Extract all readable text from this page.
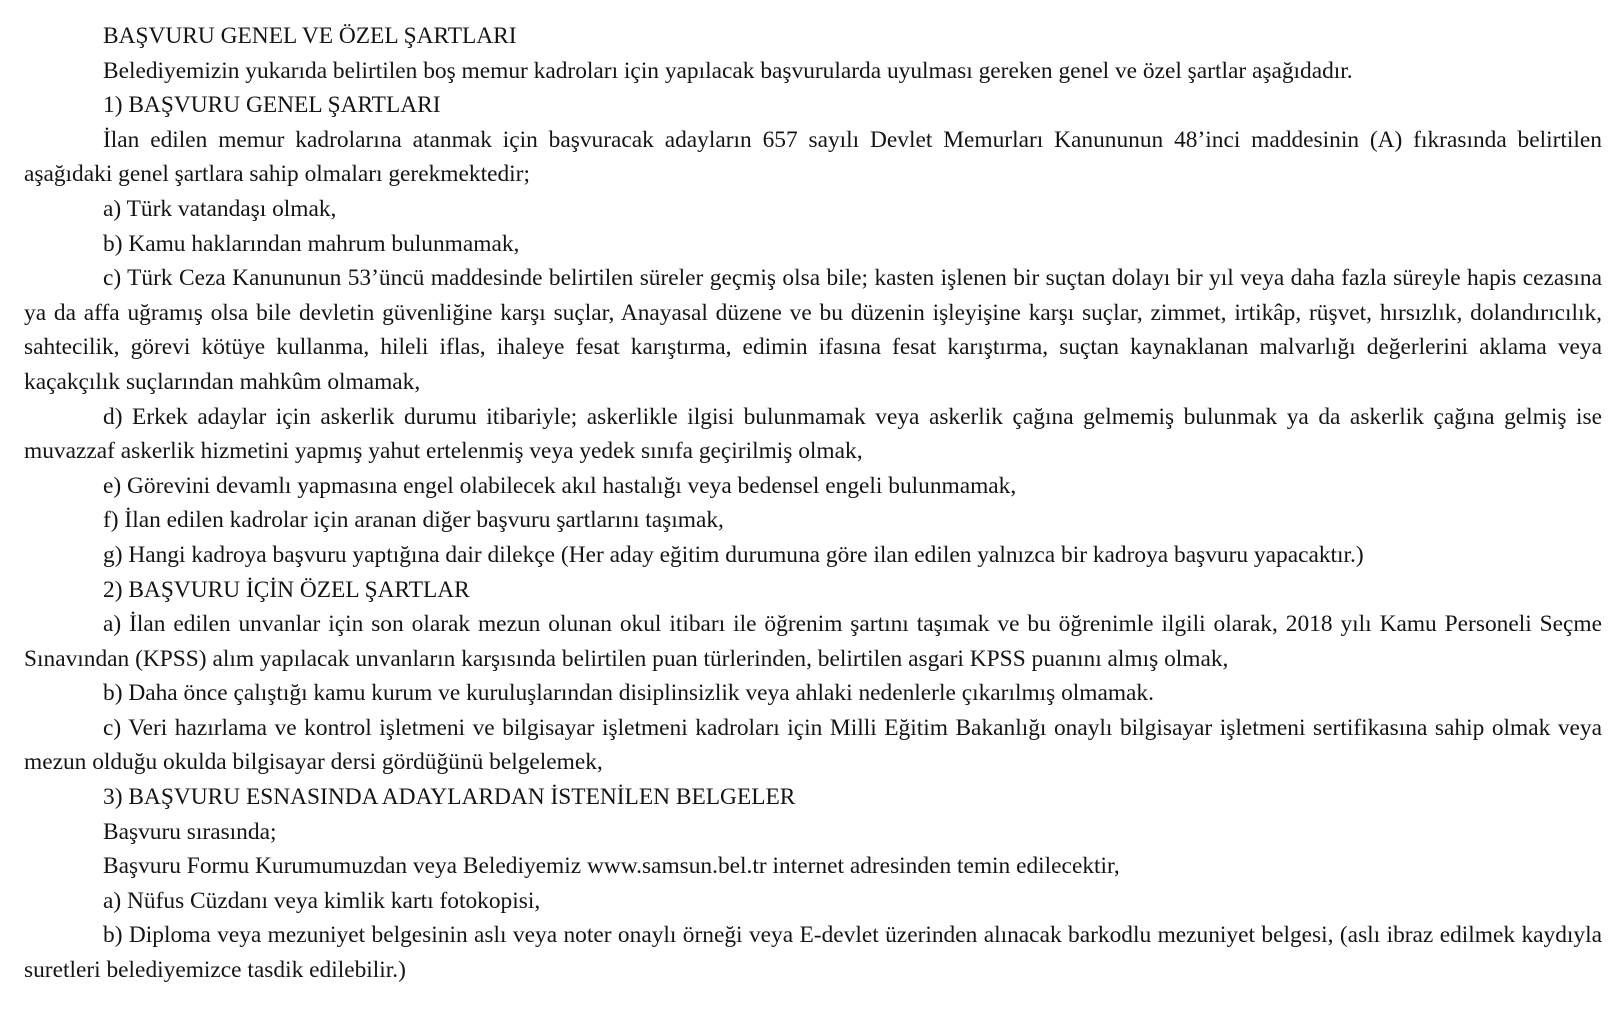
BAŞVURU GENEL VE ÖZEL ŞARTLARI

Belediyemizin yukarıda belirtilen boş memur kadroları için yapılacak başvurularda uyulması gereken genel ve özel şartlar aşağıdadır.

1) BAŞVURU GENEL ŞARTLARI

İlan edilen memur kadrolarına atanmak için başvuracak adayların 657 sayılı Devlet Memurları Kanununun 48’inci maddesinin (A) fıkrasında belirtilen aşağıdaki genel şartlara sahip olmaları gerekmektedir;

a) Türk vatandaşı olmak,

b) Kamu haklarından mahrum bulunmamak,

c) Türk Ceza Kanununun 53’üncü maddesinde belirtilen süreler geçmiş olsa bile; kasten işlenen bir suçtan dolayı bir yıl veya daha fazla süreyle hapis cezasına ya da affa uğramış olsa bile devletin güvenliğine karşı suçlar, Anayasal düzene ve bu düzenin işleyişine karşı suçlar, zimmet, irtikâp, rüşvet, hırsızlık, dolandırıcılık, sahtecilik, görevi kötüye kullanma, hileli iflas, ihaleye fesat karıştırma, edimin ifasına fesat karıştırma, suçtan kaynaklanan malvarlığı değerlerini aklama veya kaçakçılık suçlarından mahkûm olmamak,

d) Erkek adaylar için askerlik durumu itibariyle; askerlikle ilgisi bulunmamak veya askerlik çağına gelmemiş bulunmak ya da askerlik çağına gelmiş ise muvazzaf askerlik hizmetini yapmış yahut ertelenmiş veya yedek sınıfa geçirilmiş olmak,

e) Görevini devamlı yapmasına engel olabilecek akıl hastalığı veya bedensel engeli bulunmamak,

f) İlan edilen kadrolar için aranan diğer başvuru şartlarını taşımak,

g) Hangi kadroya başvuru yaptığına dair dilekçe (Her aday eğitim durumuna göre ilan edilen yalnızca bir kadroya başvuru yapacaktır.)

2) BAŞVURU İÇİN ÖZEL ŞARTLAR

a) İlan edilen unvanlar için son olarak mezun olunan okul itibarı ile öğrenim şartını taşımak ve bu öğrenimle ilgili olarak, 2018 yılı Kamu Personeli Seçme Sınavından (KPSS) alım yapılacak unvanların karşısında belirtilen puan türlerinden, belirtilen asgari KPSS puanını almış olmak,

b) Daha önce çalıştığı kamu kurum ve kuruluşlarından disiplinsizlik veya ahlaki nedenlerle çıkarılmış olmamak.

c) Veri hazırlama ve kontrol işletmeni ve bilgisayar işletmeni kadroları için Milli Eğitim Bakanlığı onaylı bilgisayar işletmeni sertifikasına sahip olmak veya mezun olduğu okulda bilgisayar dersi gördüğünü belgelemek,

3) BAŞVURU ESNASINDA ADAYLARDAN İSTENİLEN BELGELER

Başvuru sırasında;

Başvuru Formu Kurumumuzdan veya Belediyemiz www.samsun.bel.tr internet adresinden temin edilecektir,

a) Nüfus Cüzdanı veya kimlik kartı fotokopisi,

b) Diploma veya mezuniyet belgesinin aslı veya noter onaylı örneği veya E-devlet üzerinden alınacak barkodlu mezuniyet belgesi, (aslı ibraz edilmek kaydıyla suretleri belediyemizce tasdik edilebilir.)
